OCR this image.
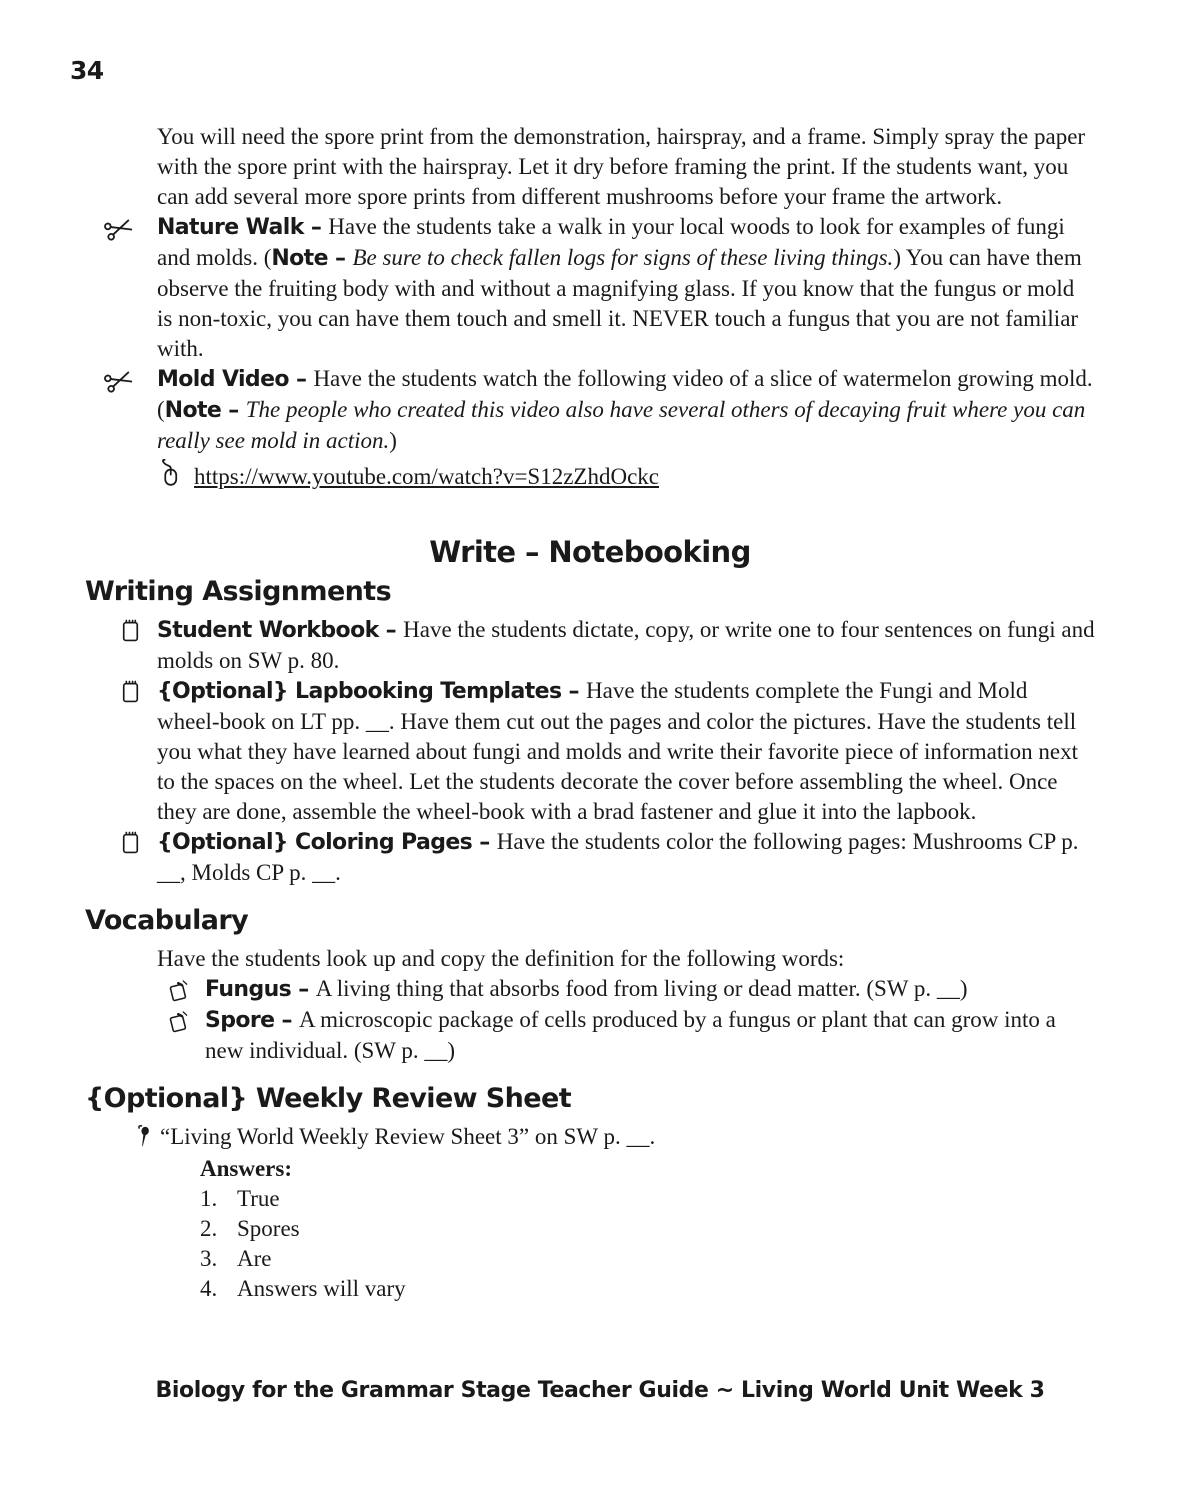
34

You will need the spore print from the demonstration, hairspray, and a frame. Simply spray the paper with the spore print with the hairspray. Let it dry before framing the print. If the students want, you can add several more spore prints from different mushrooms before your frame the artwork.

Nature Walk – Have the students take a walk in your local woods to look for examples of fungi and molds. (Note – Be sure to check fallen logs for signs of these living things.) You can have them observe the fruiting body with and without a magnifying glass. If you know that the fungus or mold is non-toxic, you can have them touch and smell it. NEVER touch a fungus that you are not familiar with.
Mold Video – Have the students watch the following video of a slice of watermelon growing mold. (Note – The people who created this video also have several others of decaying fruit where you can really see mold in action.)
https://www.youtube.com/watch?v=S12zZhdOckc
Write – Notebooking
Writing Assignments
Student Workbook – Have the students dictate, copy, or write one to four sentences on fungi and molds on SW p. 80.
{Optional} Lapbooking Templates – Have the students complete the Fungi and Mold wheel-book on LT pp. __. Have them cut out the pages and color the pictures. Have the students tell you what they have learned about fungi and molds and write their favorite piece of information next to the spaces on the wheel. Let the students decorate the cover before assembling the wheel. Once they are done, assemble the wheel-book with a brad fastener and glue it into the lapbook.
{Optional} Coloring Pages – Have the students color the following pages: Mushrooms CP p. __, Molds CP p. __.
Vocabulary

Have the students look up and copy the definition for the following words:

Fungus – A living thing that absorbs food from living or dead matter. (SW p. __)
Spore – A microscopic package of cells produced by a fungus or plant that can grow into a new individual. (SW p. __)
{Optional} Weekly Review Sheet
“Living World Weekly Review Sheet 3” on SW p. __.

Answers:

1. True
2. Spores
3. Are
4. Answers will vary
Biology for the Grammar Stage Teacher Guide ~ Living World Unit Week 3
